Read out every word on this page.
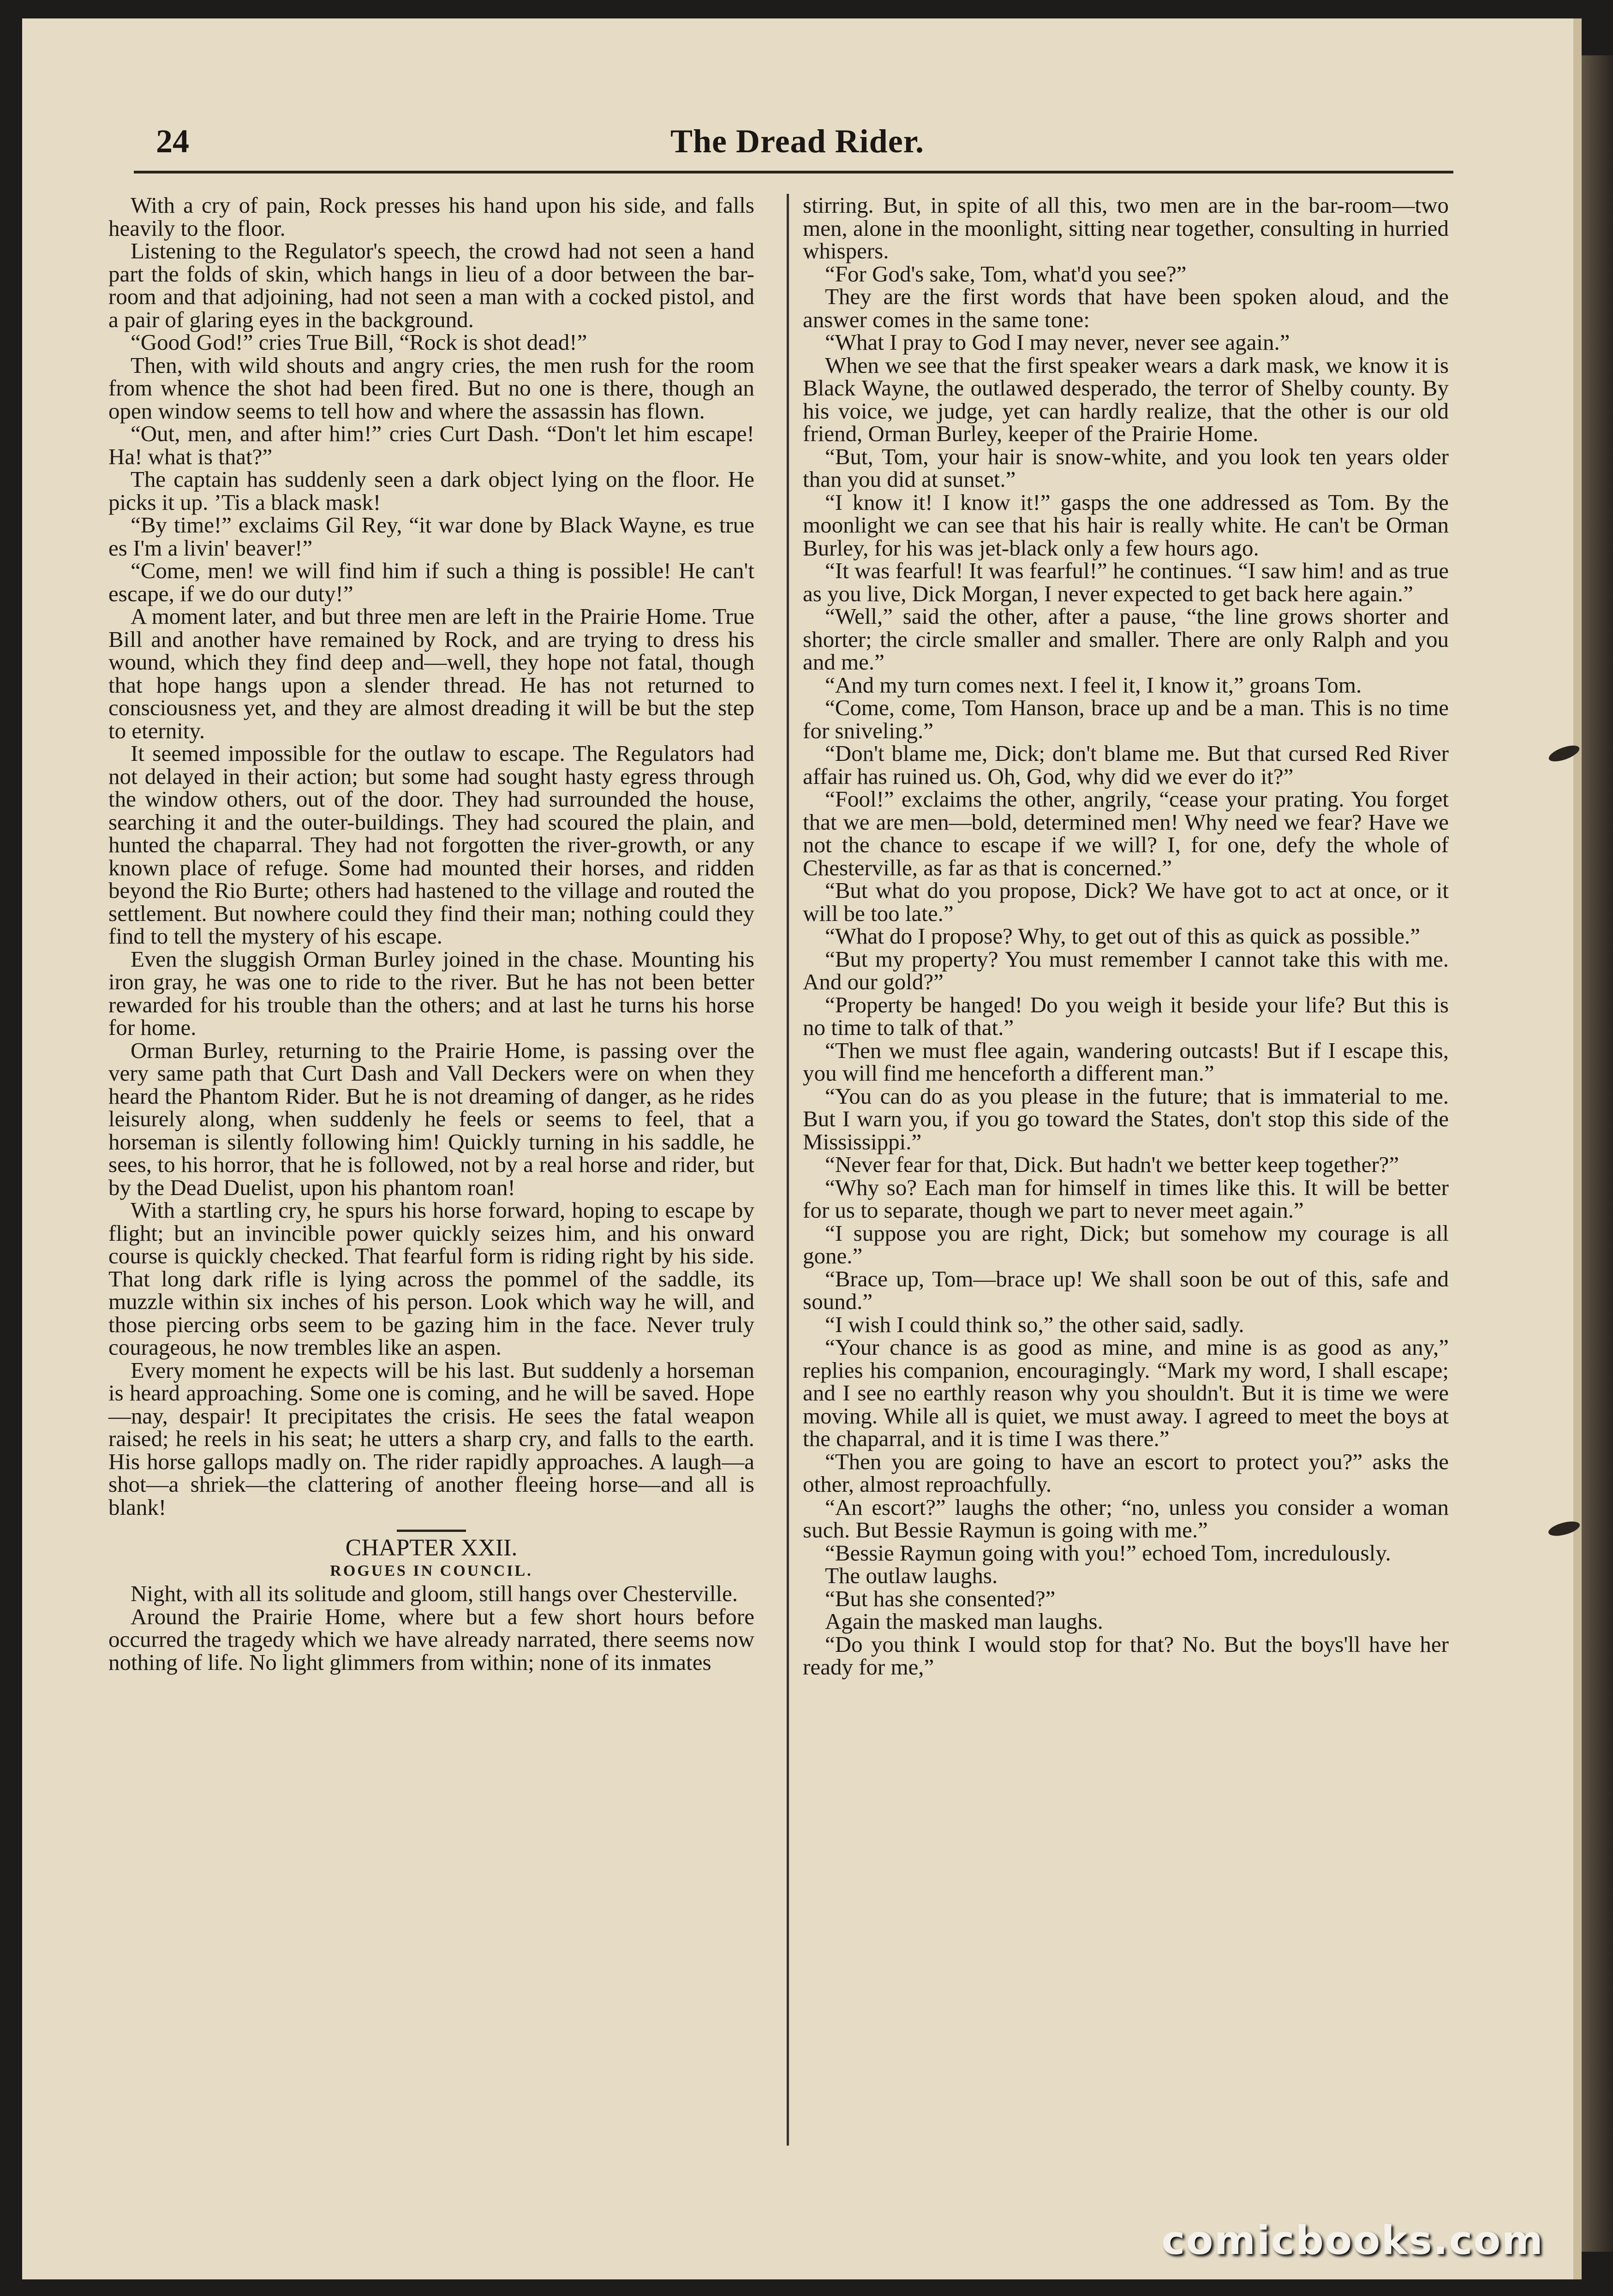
24	The Dread Rider.

With a cry of pain, Rock presses his hand upon his side, and falls heavily to the floor.

Listening to the Regulator's speech, the crowd had not seen a hand part the folds of skin, which hangs in lieu of a door between the bar-room and that adjoining, had not seen a man with a cocked pistol, and a pair of glaring eyes in the background.

“Good God!” cries True Bill, “Rock is shot dead!”

Then, with wild shouts and angry cries, the men rush for the room from whence the shot had been fired. But no one is there, though an open window seems to tell how and where the assassin has flown.

“Out, men, and after him!” cries Curt Dash. “Don't let him escape! Ha! what is that?”

The captain has suddenly seen a dark object lying on the floor. He picks it up. ’Tis a black mask!

“By time!” exclaims Gil Rey, “it war done by Black Wayne, es true es I'm a livin' beaver!”

“Come, men! we will find him if such a thing is possible! He can't escape, if we do our duty!”

A moment later, and but three men are left in the Prairie Home. True Bill and another have remained by Rock, and are trying to dress his wound, which they find deep and—well, they hope not fatal, though that hope hangs upon a slender thread. He has not returned to consciousness yet, and they are almost dreading it will be but the step to eternity.

It seemed impossible for the outlaw to escape. The Regulators had not delayed in their action; but some had sought hasty egress through the window others, out of the door. They had surrounded the house, searching it and the outer-buildings. They had scoured the plain, and hunted the chaparral. They had not forgotten the river-growth, or any known place of refuge. Some had mounted their horses, and ridden beyond the Rio Burte; others had hastened to the village and routed the settlement. But nowhere could they find their man; nothing could they find to tell the mystery of his escape.

Even the sluggish Orman Burley joined in the chase. Mounting his iron gray, he was one to ride to the river. But he has not been better rewarded for his trouble than the others; and at last he turns his horse for home.

Orman Burley, returning to the Prairie Home, is passing over the very same path that Curt Dash and Vall Deckers were on when they heard the Phantom Rider. But he is not dreaming of danger, as he rides leisurely along, when suddenly he feels or seems to feel, that a horseman is silently following him! Quickly turning in his saddle, he sees, to his horror, that he is followed, not by a real horse and rider, but by the Dead Duelist, upon his phantom roan!

With a startling cry, he spurs his horse forward, hoping to escape by flight; but an invincible power quickly seizes him, and his onward course is quickly checked. That fearful form is riding right by his side. That long dark rifle is lying across the pommel of the saddle, its muzzle within six inches of his person. Look which way he will, and those piercing orbs seem to be gazing him in the face. Never truly courageous, he now trembles like an aspen.

Every moment he expects will be his last. But suddenly a horseman is heard approaching. Some one is coming, and he will be saved. Hope—nay, despair! It precipitates the crisis. He sees the fatal weapon raised; he reels in his seat; he utters a sharp cry, and falls to the earth. His horse gallops madly on. The rider rapidly approaches. A laugh—a shot—a shriek—the clattering of another fleeing horse—and all is blank!

CHAPTER XXII.

ROGUES IN COUNCIL.

Night, with all its solitude and gloom, still hangs over Chesterville.

Around the Prairie Home, where but a few short hours before occurred the tragedy which we have already narrated, there seems now nothing of life. No light glimmers from within; none of its inmates

stirring. But, in spite of all this, two men are in the bar-room—two men, alone in the moonlight, sitting near together, consulting in hurried whispers.

“For God's sake, Tom, what'd you see?”

They are the first words that have been spoken aloud, and the answer comes in the same tone:

“What I pray to God I may never, never see again.”

When we see that the first speaker wears a dark mask, we know it is Black Wayne, the outlawed desperado, the terror of Shelby county. By his voice, we judge, yet can hardly realize, that the other is our old friend, Orman Burley, keeper of the Prairie Home.

“But, Tom, your hair is snow-white, and you look ten years older than you did at sunset.”

“I know it! I know it!” gasps the one addressed as Tom. By the moonlight we can see that his hair is really white. He can't be Orman Burley, for his was jet-black only a few hours ago.

“It was fearful! It was fearful!” he continues. “I saw him! and as true as you live, Dick Morgan, I never expected to get back here again.”

“Well,” said the other, after a pause, “the line grows shorter and shorter; the circle smaller and smaller. There are only Ralph and you and me.”

“And my turn comes next. I feel it, I know it,” groans Tom.

“Come, come, Tom Hanson, brace up and be a man. This is no time for sniveling.”

“Don't blame me, Dick; don't blame me. But that cursed Red River affair has ruined us. Oh, God, why did we ever do it?”

“Fool!” exclaims the other, angrily, “cease your prating. You forget that we are men—bold, determined men! Why need we fear? Have we not the chance to escape if we will? I, for one, defy the whole of Chesterville, as far as that is concerned.”

“But what do you propose, Dick? We have got to act at once, or it will be too late.”

“What do I propose? Why, to get out of this as quick as possible.”

“But my property? You must remember I cannot take this with me. And our gold?”

“Property be hanged! Do you weigh it beside your life? But this is no time to talk of that.”

“Then we must flee again, wandering outcasts! But if I escape this, you will find me henceforth a different man.”

“You can do as you please in the future; that is immaterial to me. But I warn you, if you go toward the States, don't stop this side of the Mississippi.”

“Never fear for that, Dick. But hadn't we better keep together?”

“Why so? Each man for himself in times like this. It will be better for us to separate, though we part to never meet again.”

“I suppose you are right, Dick; but somehow my courage is all gone.”

“Brace up, Tom—brace up! We shall soon be out of this, safe and sound.”

“I wish I could think so,” the other said, sadly.

“Your chance is as good as mine, and mine is as good as any,” replies his companion, encouragingly. “Mark my word, I shall escape; and I see no earthly reason why you shouldn't. But it is time we were moving. While all is quiet, we must away. I agreed to meet the boys at the chaparral, and it is time I was there.”

“Then you are going to have an escort to protect you?” asks the other, almost reproachfully.

“An escort?” laughs the other; “no, unless you consider a woman such. But Bessie Raymun is going with me.”

“Bessie Raymun going with you!” echoed Tom, incredulously.

The outlaw laughs.

“But has she consented?”

Again the masked man laughs.

“Do you think I would stop for that? No. But the boys'll have her ready for me,”

comicbooks.com
